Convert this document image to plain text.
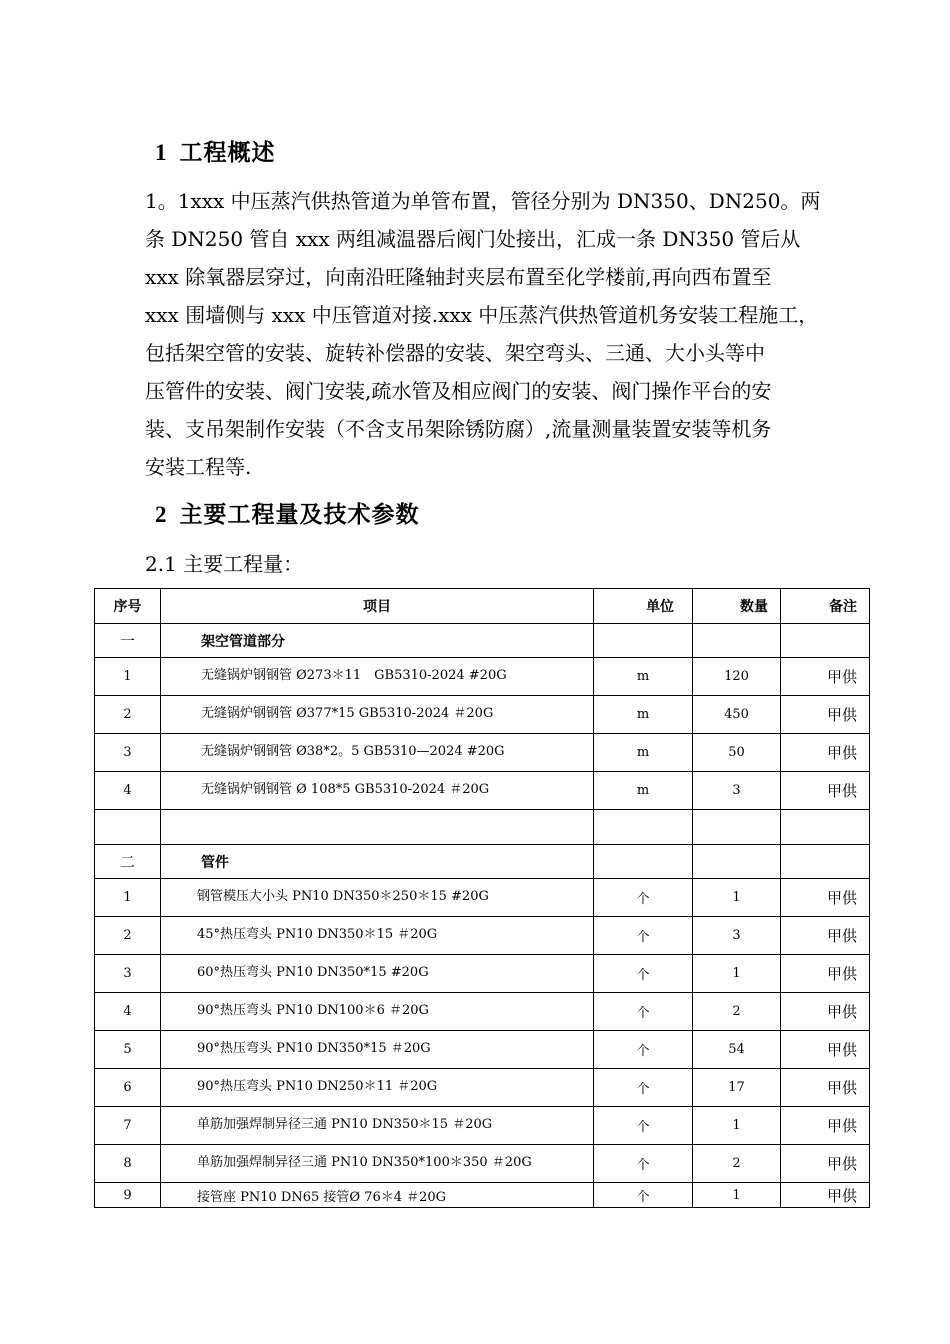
1 工程概述
1。1xxx 中压蒸汽供热管道为单管布置，管径分别为 DN350、DN250。两
条 DN250 管自 xxx 两组减温器后阀门处接出，汇成一条 DN350 管后从
xxx 除氧器层穿过，向南沿旺隆轴封夹层布置至化学楼前,再向西布置至
xxx 围墙侧与 xxx 中压管道对接.xxx 中压蒸汽供热管道机务安装工程施工，
包括架空管的安装、旋转补偿器的安装、架空弯头、三通、大小头等中
压管件的安装、阀门安装,疏水管及相应阀门的安装、阀门操作平台的安
装、支吊架制作安装（不含支吊架除锈防腐）,流量测量装置安装等机务
安装工程等.
2 主要工程量及技术参数
2.1 主要工程量：
序号	项目	单位	数量	备注
一	架空管道部分			
1	无缝锅炉钢钢管 Ø273＊11　GB5310-2024 #20G	m	120	甲供
2	无缝锅炉钢钢管 Ø377*15 GB5310-2024 ＃20G	m	450	甲供
3	无缝锅炉钢钢管 Ø38*2。5 GB5310—2024 #20G	m	50	甲供
4	无缝锅炉钢钢管 Ø 108*5 GB5310-2024 ＃20G	m	3	甲供

二	管件			
1	钢管模压大小头 PN10 DN350＊250＊15 #20G	个	1	甲供
2	45°热压弯头 PN10 DN350＊15 ＃20G	个	3	甲供
3	60°热压弯头 PN10 DN350*15 #20G	个	1	甲供
4	90°热压弯头 PN10 DN100＊6 ＃20G	个	2	甲供
5	90°热压弯头 PN10 DN350*15 ＃20G	个	54	甲供
6	90°热压弯头 PN10 DN250＊11 ＃20G	个	17	甲供
7	单筋加强焊制异径三通 PN10 DN350＊15 ＃20G	个	1	甲供
8	单筋加强焊制异径三通 PN10 DN350*100＊350 ＃20G	个	2	甲供
9	接管座 PN10 DN65 接管Ø 76＊4 ＃20G	个	1	甲供
